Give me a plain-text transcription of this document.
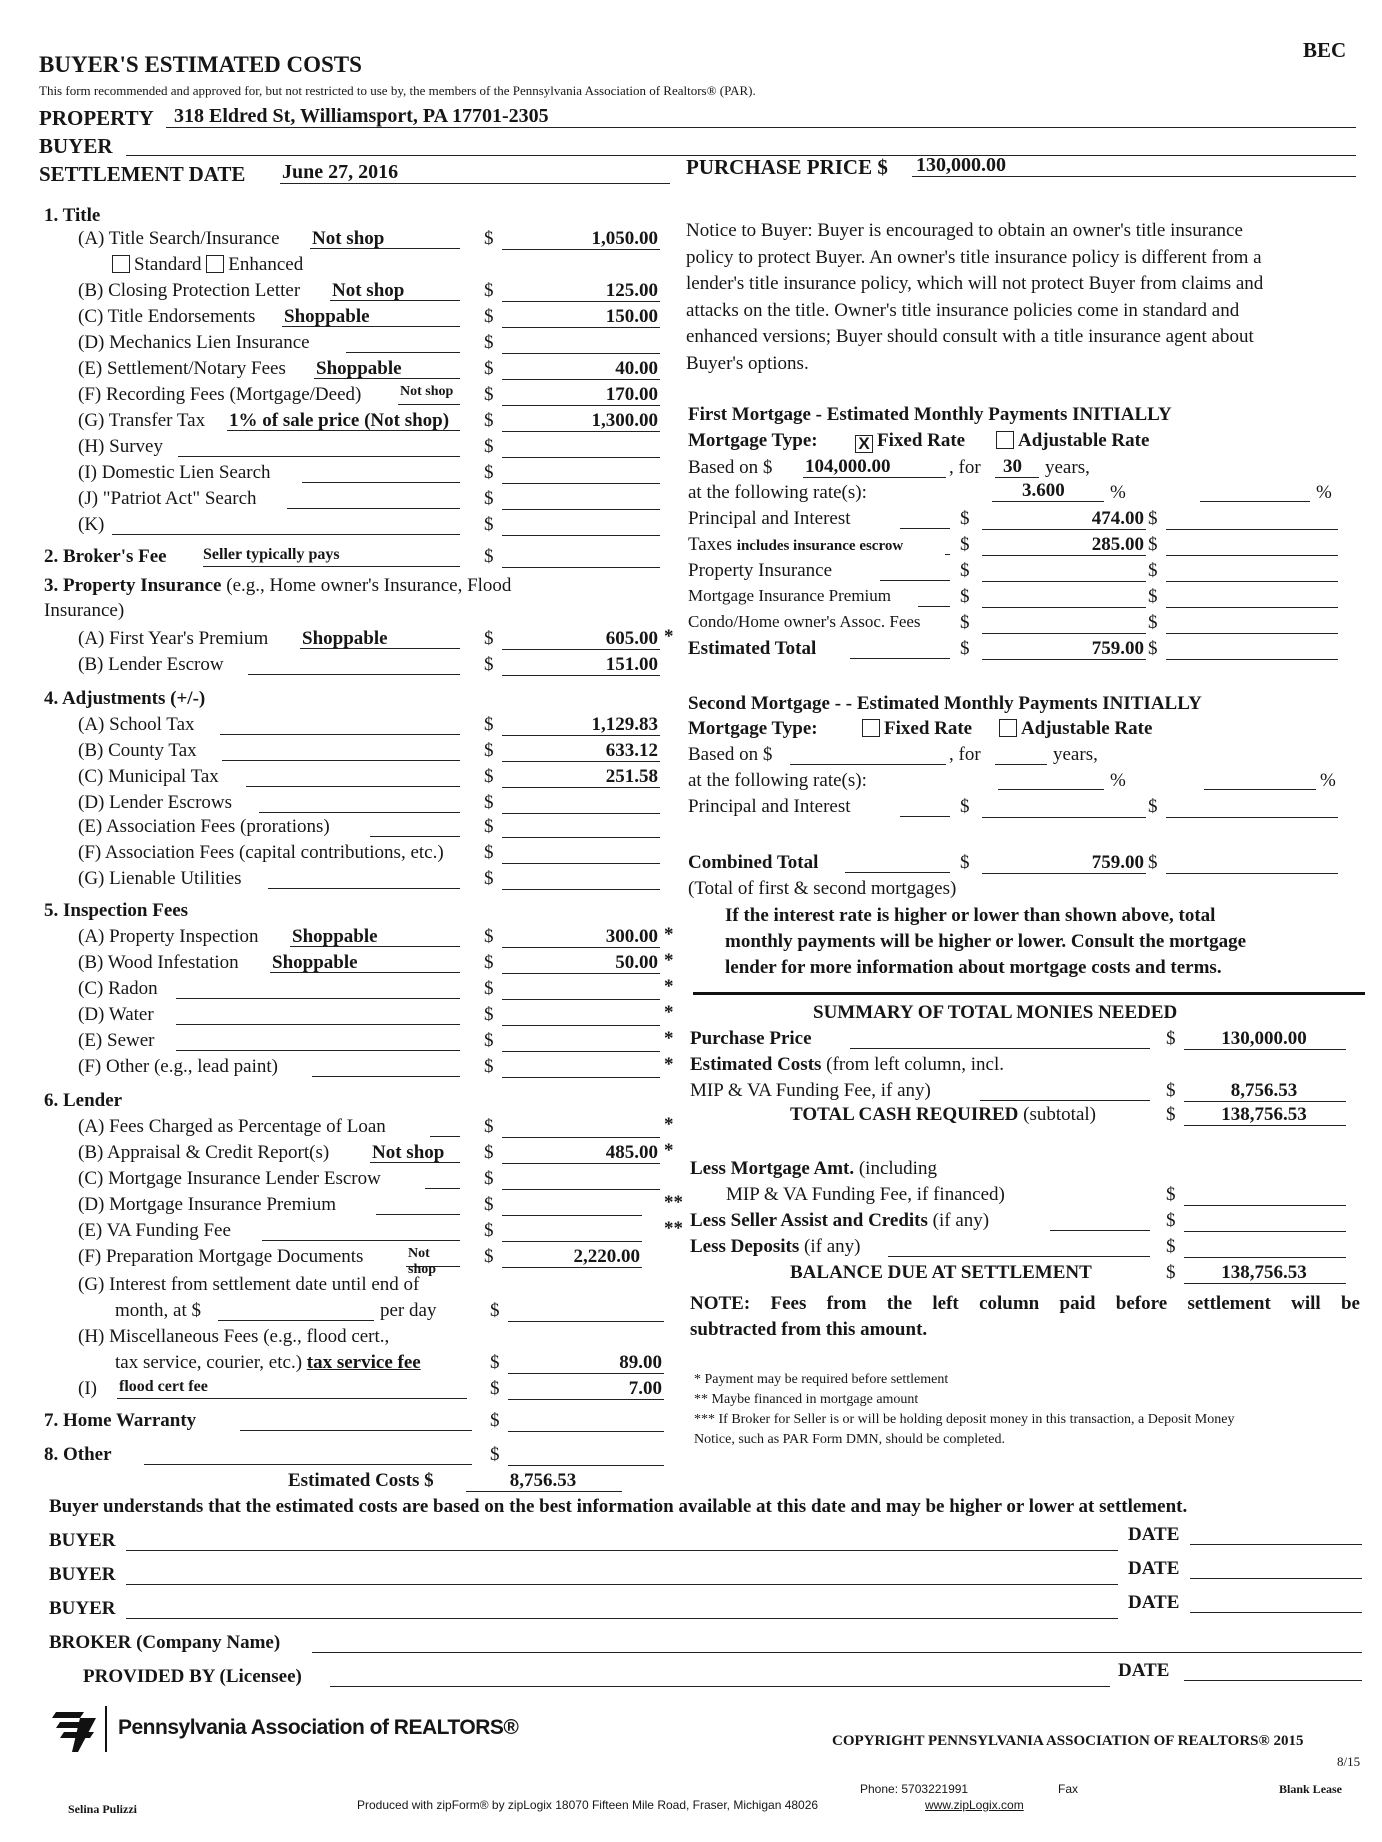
BEC
BUYER'S ESTIMATED COSTS
This form recommended and approved for, but not restricted to use by, the members of the Pennsylvania Association of Realtors® (PAR).
PROPERTY 318 Eldred St, Williamsport, PA 17701-2305
BUYER
SETTLEMENT DATE June 27, 2016	PURCHASE PRICE $ 130,000.00
1. Title
(A) Title Search/Insurance Not shop	$	1,050.00
Standard Enhanced
(B) Closing Protection Letter Not shop	$	125.00
(C) Title Endorsements Shoppable	$	150.00
(D) Mechanics Lien Insurance	$
(E) Settlement/Notary Fees Shoppable	$	40.00
(F) Recording Fees (Mortgage/Deed)	Not shop $	170.00
(G) Transfer Tax 1% of sale price (Not shop) $	1,300.00
(H) Survey	$
(I) Domestic Lien Search	$
(J) "Patriot Act" Search	$
(K)	$
2. Broker's Fee Seller typically pays	$
3. Property Insurance (e.g., Home owner's Insurance, Flood
Insurance)
(A) First Year's Premium Shoppable	$	605.00 *
(B) Lender Escrow	$	151.00
4. Adjustments (+/-)
(A) School Tax	$	1,129.83
(B) County Tax	$	633.12
(C) Municipal Tax	$	251.58
(D) Lender Escrows	$
(E) Association Fees (prorations)	$
(F) Association Fees (capital contributions, etc.) $
(G) Lienable Utilities	$
5. Inspection Fees
(A) Property Inspection Shoppable	$	300.00 *
(B) Wood Infestation Shoppable	$	50.00 *
(C) Radon	$	*
(D) Water	$	*
(E) Sewer	$	*
(F) Other (e.g., lead paint)	$	*
6. Lender
(A) Fees Charged as Percentage of Loan	$	*
(B) Appraisal & Credit Report(s) Not shop $	485.00 *
(C) Mortgage Insurance Lender Escrow	$
(D) Mortgage Insurance Premium	$	**
(E) VA Funding Fee	$	**
(F) Preparation Mortgage Documents	Not shop
$	2,220.00
(G) Interest from settlement date until end of
month, at $	per day	$
(H) Miscellaneous Fees (e.g., flood cert.,
tax service, courier, etc.) tax service fee	$	89.00
(I) flood cert fee	$	7.00
7. Home Warranty	$
8. Other	$
Estimated Costs $	8,756.53
Notice to Buyer: Buyer is encouraged to obtain an owner's title insurance
policy to protect Buyer. An owner's title insurance policy is different from a
lender's title insurance policy, which will not protect Buyer from claims and
attacks on the title. Owner's title insurance policies come in standard and
enhanced versions; Buyer should consult with a title insurance agent about
Buyer's options.
First Mortgage - Estimated Monthly Payments INITIALLY
Mortgage Type: X Fixed Rate	Adjustable Rate
Based on $ 104,000.00	, for 30 years,
at the following rate(s):	3.600 %	%
Principal and Interest	$	474.00 $
Taxes includes insurance escrow	$	285.00 $
Property Insurance	$	$
Mortgage Insurance Premium	$	$
Condo/Home owner's Assoc. Fees $	$
Estimated Total	$	759.00 $
Second Mortgage - - Estimated Monthly Payments INITIALLY
Mortgage Type:	Fixed Rate	Adjustable Rate
Based on $	, for	years,
at the following rate(s):	%	%
Principal and Interest	$	$
Combined Total	$	759.00 $
(Total of first & second mortgages)
If the interest rate is higher or lower than shown above, total
monthly payments will be higher or lower. Consult the mortgage
lender for more information about mortgage costs and terms.
SUMMARY OF TOTAL MONIES NEEDED
Purchase Price	$	130,000.00
Estimated Costs (from left column, incl.
MIP & VA Funding Fee, if any)	$	8,756.53
TOTAL CASH REQUIRED (subtotal)	$	138,756.53
Less Mortgage Amt. (including
MIP & VA Funding Fee, if financed)	$
Less Seller Assist and Credits (if any)	$
Less Deposits (if any)	$
BALANCE DUE AT SETTLEMENT	$	138,756.53
NOTE: Fees from the left column paid before settlement will be
subtracted from this amount.
* Payment may be required before settlement
** Maybe financed in mortgage amount
*** If Broker for Seller is or will be holding deposit money in this transaction, a Deposit Money
Notice, such as PAR Form DMN, should be completed.
Buyer understands that the estimated costs are based on the best information available at this date and may be higher or lower at settlement.
BUYER	DATE
BUYER	DATE
BUYER	DATE
BROKER (Company Name)
PROVIDED BY (Licensee)	DATE
Pennsylvania Association of REALTORS®
COPYRIGHT PENNSYLVANIA ASSOCIATION OF REALTORS® 2015
8/15
Phone: 5703221991	Fax	Blank Lease
Selina Pulizzi	Produced with zipForm® by zipLogix 18070 Fifteen Mile Road, Fraser, Michigan 48026	www.zipLogix.com
